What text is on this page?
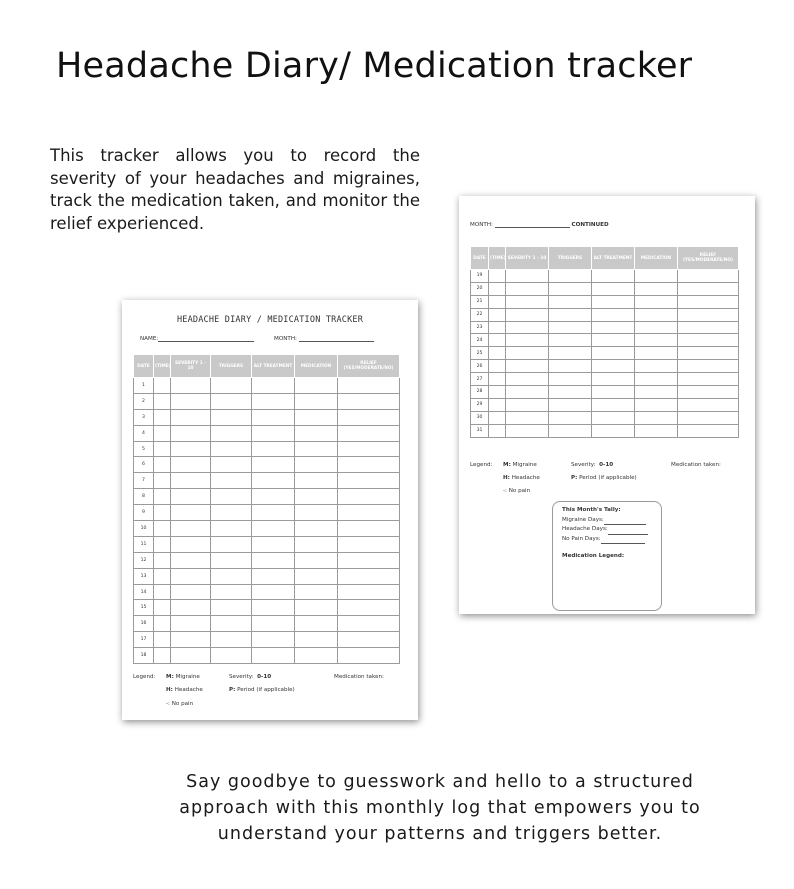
Headache Diary/ Medication tracker
This tracker allows you to record the severity of your headaches and migraines, track the medication taken, and monitor the relief experienced.
Say goodbye to guesswork and hello to a structured approach with this monthly log that empowers you to understand your patterns and triggers better.
HEADACHE DIARY / MEDICATION TRACKER
NAME:	MONTH:
DATE	(TIME)	SEVERITY 1 - 10	TRIGGERS	ALT TREATMENT	MEDICATION	RELIEF (YES/MODERATE/NO)
1						
2						
3						
4						
5						
6						
7						
8						
9						
10						
11						
12						
13						
14						
15						
16						
17						
18						
Legend: M: Migraine
H: Headache
-: No pain
Severity: 0-10
P: Period (if applicable)
Medication taken:
MONTH:	CONTINUED
DATE	(TIME)	SEVERITY 1 - 10	TRIGGERS	ALT TREATMENT	MEDICATION	RELIEF (YES/MODERATE/NO)
19						
20						
21						
22						
23						
24						
25						
26						
27						
28						
29						
30						
31						
Legend: M: Migraine
H: Headache
-: No pain
Severity: 0-10
P: Period (if applicable)
Medication taken:
This Month's Tally:
Migraine Days:
Headache Days:
No Pain Days:
Medication Legend:
